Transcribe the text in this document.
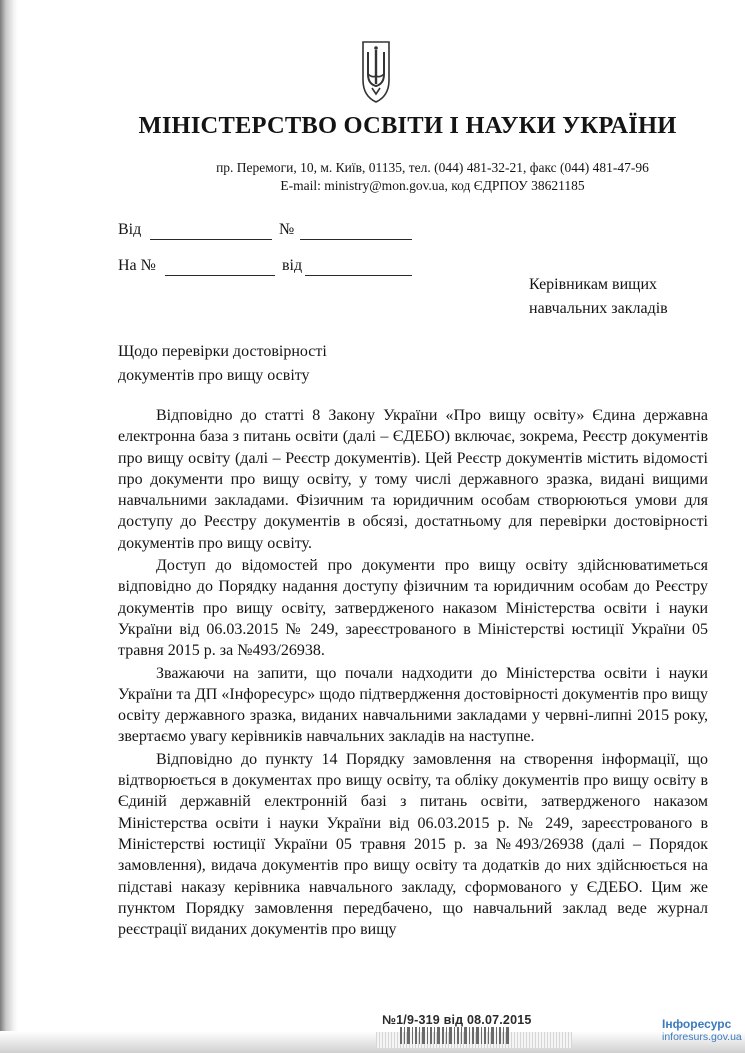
МІНІСТЕРСТВО ОСВІТИ І НАУКИ УКРАЇНИ
пр. Перемоги, 10, м. Київ, 01135, тел. (044) 481-32-21, факс (044) 481-47-96
E-mail: ministry@mon.gov.ua, код ЄДРПОУ 38621185
Від	№
На №	від
Керівникам вищих
навчальних закладів
Щодо перевірки достовірності
документів про вищу освіту

Відповідно до статті 8 Закону України «Про вищу освіту» Єдина державна електронна база з питань освіти (далі – ЄДЕБО) включає, зокрема, Реєстр документів про вищу освіту (далі – Реєстр документів). Цей Реєстр документів містить відомості про документи про вищу освіту, у тому числі державного зразка, видані вищими навчальними закладами. Фізичним та юридичним особам створюються умови для доступу до Реєстру документів в обсязі, достатньому для перевірки достовірності документів про вищу освіту.

Доступ до відомостей про документи про вищу освіту здійснюватиметься відповідно до Порядку надання доступу фізичним та юридичним особам до Реєстру документів про вищу освіту, затвердженого наказом Міністерства освіти і науки України від 06.03.2015 № 249, зареєстрованого в Міністерстві юстиції України 05 травня 2015 р. за №493/26938.

Зважаючи на запити, що почали надходити до Міністерства освіти і науки України та ДП «Інфоресурс» щодо підтвердження достовірності документів про вищу освіту державного зразка, виданих навчальними закладами у червні-липні 2015 року, звертаємо увагу керівників навчальних закладів на наступне.

Відповідно до пункту 14 Порядку замовлення на створення інформації, що відтворюється в документах про вищу освіту, та обліку документів про вищу освіту в Єдиній державній електронній базі з питань освіти, затвердженого наказом Міністерства освіти і науки України від 06.03.2015 р. № 249, зареєстрованого в Міністерстві юстиції України 05 травня 2015 р. за №493/26938 (далі – Порядок замовлення), видача документів про вищу освіту та додатків до них здійснюється на підставі наказу керівника навчального закладу, сформованого у ЄДЕБО. Цим же пунктом Порядку замовлення передбачено, що навчальний заклад веде журнал реєстрації виданих документів про вищу

№1/9-319 від 08.07.2015	Інфоресурс
inforesurs.gov.ua
